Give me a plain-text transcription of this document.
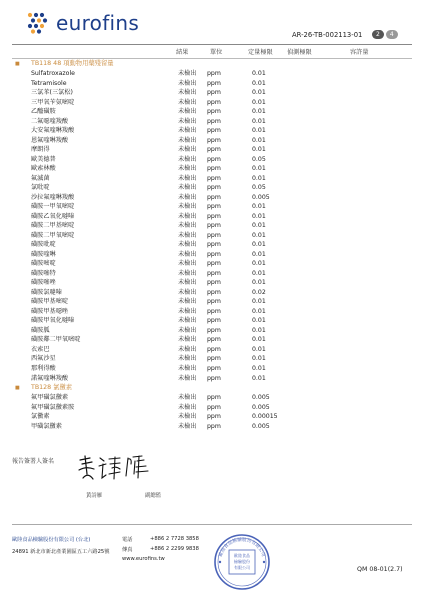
eurofins	AR-26-TB-002113-01	2	4
結果	單位	定量極限 偵測極限	容許量
■ TB118 48 項動物用藥殘留量
Sulfatroxazole	未檢出 ppm	0.01
Tetramisole	未檢出 ppm	0.01
三氯苯(三氯松)	未檢出 ppm	0.01
三甲氧苄氨嘧啶	未檢出 ppm	0.01
乙醯磺胺	未檢出 ppm	0.01
二氟噁喹羧酸	未檢出 ppm	0.01
大安氟喹啉羧酸	未檢出 ppm	0.01
恩氟喹啉羧酸	未檢出 ppm	0.01
摩朗得	未檢出 ppm	0.01
歐美德普	未檢出 ppm	0.05
歐索林酸	未檢出 ppm	0.01
氟滅菌	未檢出 ppm	0.01
氯吡啶	未檢出 ppm	0.05
沙拉氟喹啉羧酸	未檢出 ppm	0.005
磺胺一甲氧嘧啶	未檢出 ppm	0.01
磺胺乙氧化噠嗪	未檢出 ppm	0.01
磺胺二甲基嘧啶	未檢出 ppm	0.01
磺胺二甲氧嘧啶	未檢出 ppm	0.01
磺胺吡啶	未檢出 ppm	0.01
磺胺喹啉	未檢出 ppm	0.01
磺胺嘧啶	未檢出 ppm	0.01
磺胺噻特	未檢出 ppm	0.01
磺胺噻唑	未檢出 ppm	0.01
磺胺氯噠嗪	未檢出 ppm	0.02
磺胺甲基嘧啶	未檢出 ppm	0.01
磺胺甲基噁唑	未檢出 ppm	0.01
磺胺甲氧化噠嗪	未檢出 ppm	0.01
磺胺胍	未檢出 ppm	0.01
磺胺鄰二甲氧嘧啶	未檢出 ppm	0.01
衣索巴	未檢出 ppm	0.01
西氟沙星	未檢出 ppm	0.01
那利得酸	未檢出 ppm	0.01
諾氟喹啉羧酸	未檢出 ppm	0.01
■ TB128 氯黴素
氟甲磺氯黴素	未檢出 ppm	0.005
氟甲磺氯黴素胺	未檢出 ppm	0.005
氯黴素	未檢出 ppm	0.00015
甲磺氯黴素	未檢出 ppm	0.005
報告簽署人簽名
黃詩雁	副總監
歐陸食品檢驗股份有限公司 (台北)
24891 新北市新北產業園區五工六路25號
電話	+886 2 7728 3858
傳真	+886 2 2299 9838
www.eurofins.tw
歐陸食品檢驗股份有限公司
歐陸食品
檢驗股份
有限公司	QM 08-01(2.7)
